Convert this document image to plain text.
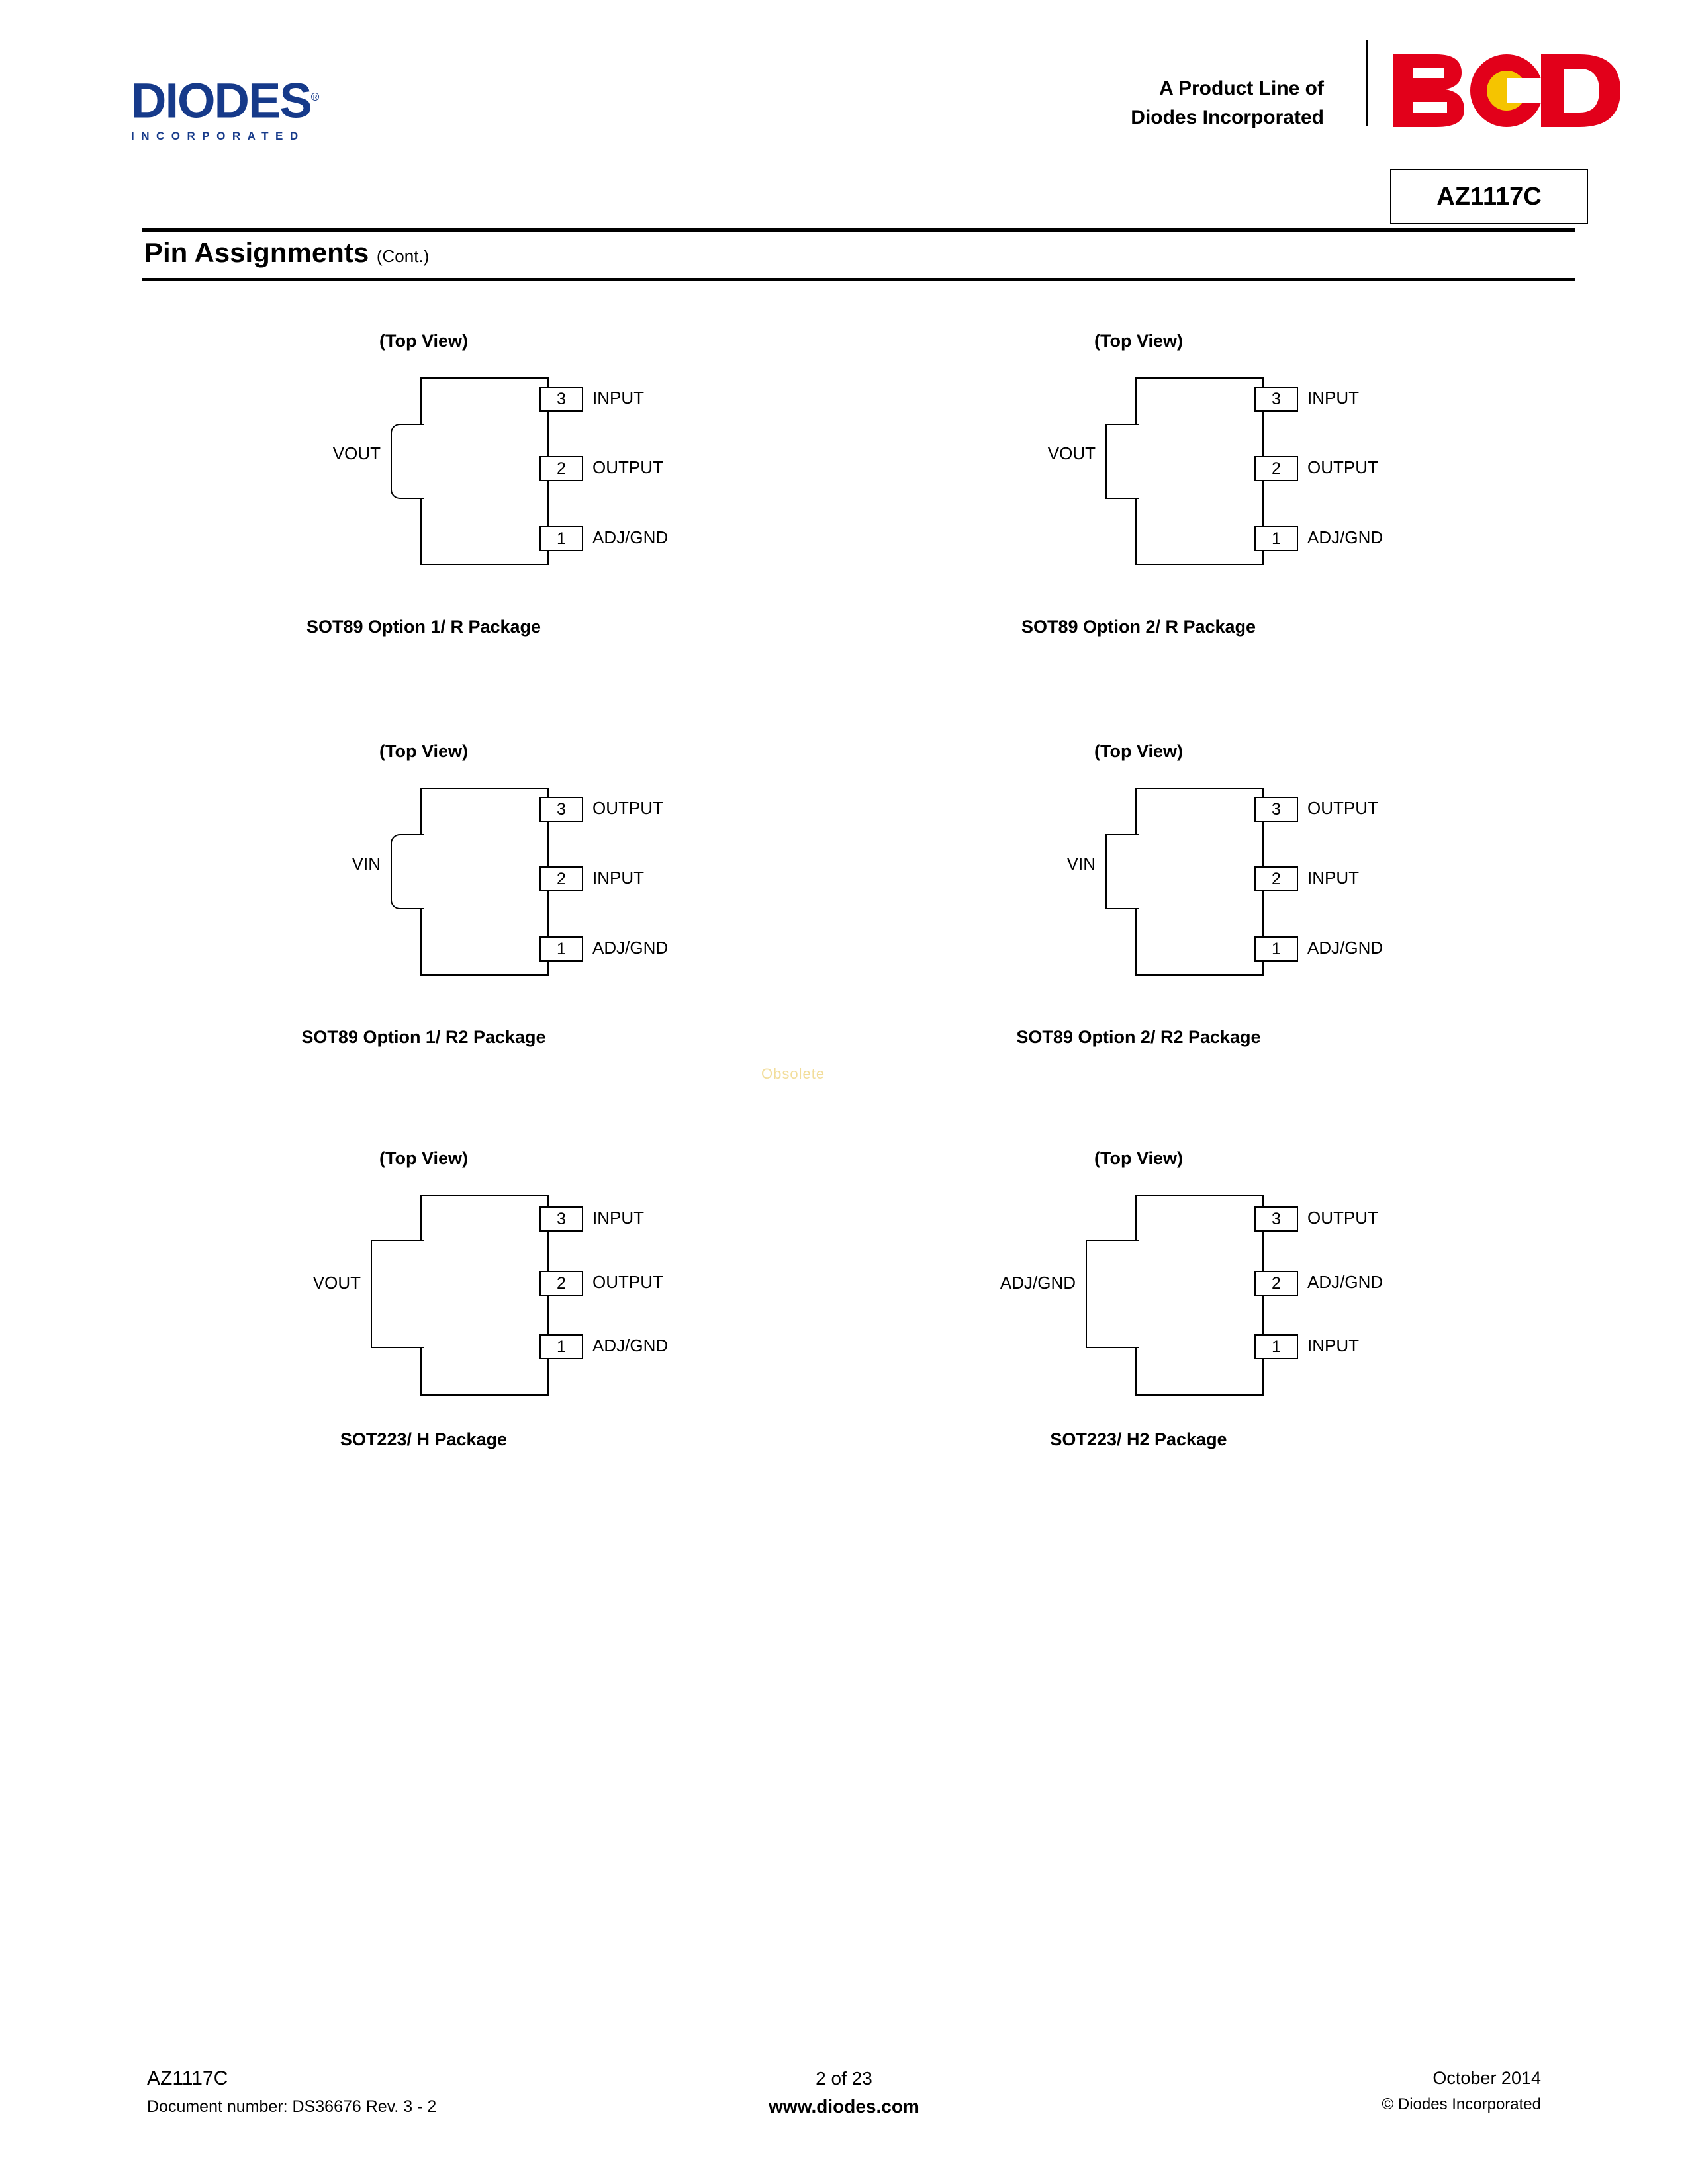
DIODES®
INCORPORATED
A Product Line of
Diodes Incorporated
AZ1117C
Pin Assignments (Cont.)
(Top View)
VOUT
3	INPUT
2	OUTPUT
1	ADJ/GND
SOT89 Option 1/ R Package
(Top View)
VOUT
3	INPUT
2	OUTPUT
1	ADJ/GND
SOT89 Option 2/ R Package
(Top View)
VIN
3	OUTPUT
2	INPUT
1	ADJ/GND
SOT89 Option 1/ R2 Package
(Top View)
VIN
3	OUTPUT
2	INPUT
1	ADJ/GND
SOT89 Option 2/ R2 Package
Obsolete
(Top View)
VOUT
3	INPUT
2	OUTPUT
1	ADJ/GND
SOT223/ H Package
(Top View)
ADJ/GND
3	OUTPUT
2	ADJ/GND
1	INPUT
SOT223/ H2 Package
AZ1117C
Document number: DS36676 Rev. 3 - 2
2 of 23
www.diodes.com
October 2014
© Diodes Incorporated
